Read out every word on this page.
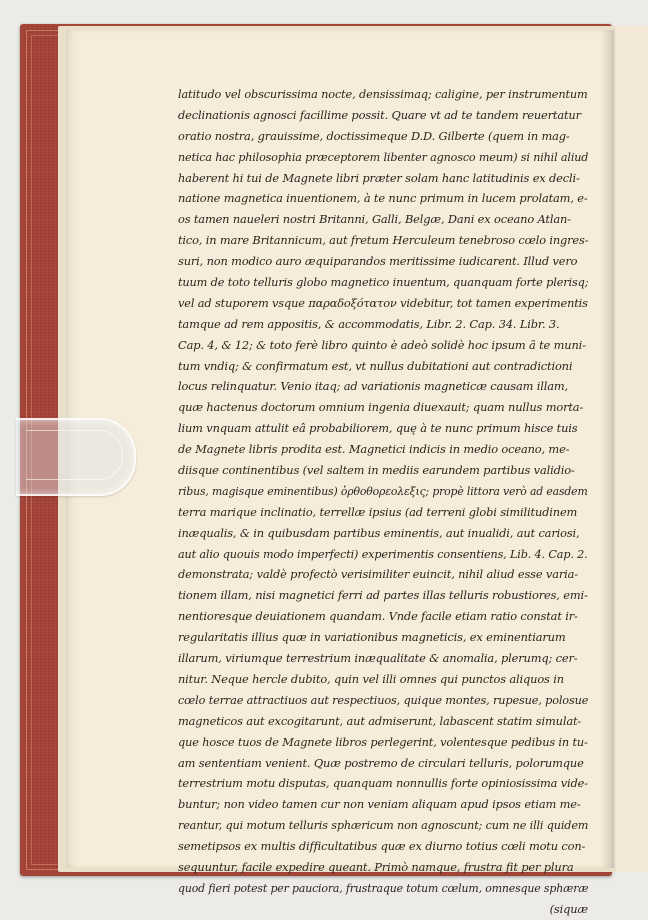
latitudo vel obscurissima nocte, densissimaq; caligine, per instrumentum
declinationis agnosci facillime possit. Quare vt ad te tandem reuertatur
oratio nostra, grauissime, doctissimeque D.D. Gilberte (quem in mag-
netica hac philosophia præceptorem libenter agnosco meum) si nihil aliud
haberent hi tui de Magnete libri præter solam hanc latitudinis ex decli-
natione magnetica inuentionem, à te nunc primum in lucem prolatam, e-
os tamen naueleri nostri Britanni, Galli, Belgæ, Dani ex oceano Atlan-
tico, in mare Britannicum, aut fretum Herculeum tenebroso cœlo ingres-
suri, non modico auro æquiparandos meritissime iudicarent. Illud vero
tuum de toto telluris globo magnetico inuentum, quanquam forte plerisq;
vel ad stuporem vsque παραδοξότατον videbitur, tot tamen experimentis
tamque ad rem appositis, & accommodatis, Libr. 2. Cap. 34. Libr. 3.
Cap. 4, & 12; & toto ferè libro quinto è adeò solidè hoc ipsum ã te muni-
tum vndiq; & confirmatum est, vt nullus dubitationi aut contradictioni
locus relinquatur. Venio itaq; ad variationis magneticæ causam illam,
quæ hactenus doctorum omnium ingenia diuexauit; quam nullus morta-
lium vnquam attulit eâ probabiliorem, quę à te nunc primum hisce tuis
de Magnete libris prodita est. Magnetici indicis in medio oceano, me-
diisque continentibus (vel saltem in mediis earundem partibus validio-
ribus, magisque eminentibus) ὀρθοθορεολεξις; propè littora verò ad easdem
terra marique inclinatio, terrellæ ipsius (ad terreni globi similitudinem
inæqualis, & in quibusdam partibus eminentis, aut inualidi, aut cariosi,
aut alio quouis modo imperfecti) experimentis consentiens, Lib. 4. Cap. 2.
demonstrata; valdè profectò verisimiliter euincit, nihil aliud esse varia-
tionem illam, nisi magnetici ferri ad partes illas telluris robustiores, emi-
nentioresque deuiationem quandam. Vnde facile etiam ratio constat ir-
regularitatis illius quæ in variationibus magneticis, ex eminentiarum
illarum, viriumque terrestrium inæqualitate & anomalia, plerumq; cer-
nitur. Neque hercle dubito, quin vel illi omnes qui punctos aliquos in
cœlo terrae attractiuos aut respectiuos, quique montes, rupesue, polosue
magneticos aut excogitarunt, aut admiserunt, labascent statim simulat-
que hosce tuos de Magnete libros perlegerint, volentesque pedibus in tu-
am sententiam venient. Quæ postremo de circulari telluris, polorumque
terrestrium motu disputas, quanquam nonnullis forte opiniosissima vide-
buntur; non video tamen cur non veniam aliquam apud ipsos etiam me-
reantur, qui motum telluris sphæricum non agnoscunt; cum ne illi quidem
semetipsos ex multis difficultatibus quæ ex diurno totius cœli motu con-
sequuntur, facile expedire queant. Primò namque, frustra fit per plura
quod fieri potest per pauciora, frustraque totum cœlum, omnesque sphæræ
(siquæ
